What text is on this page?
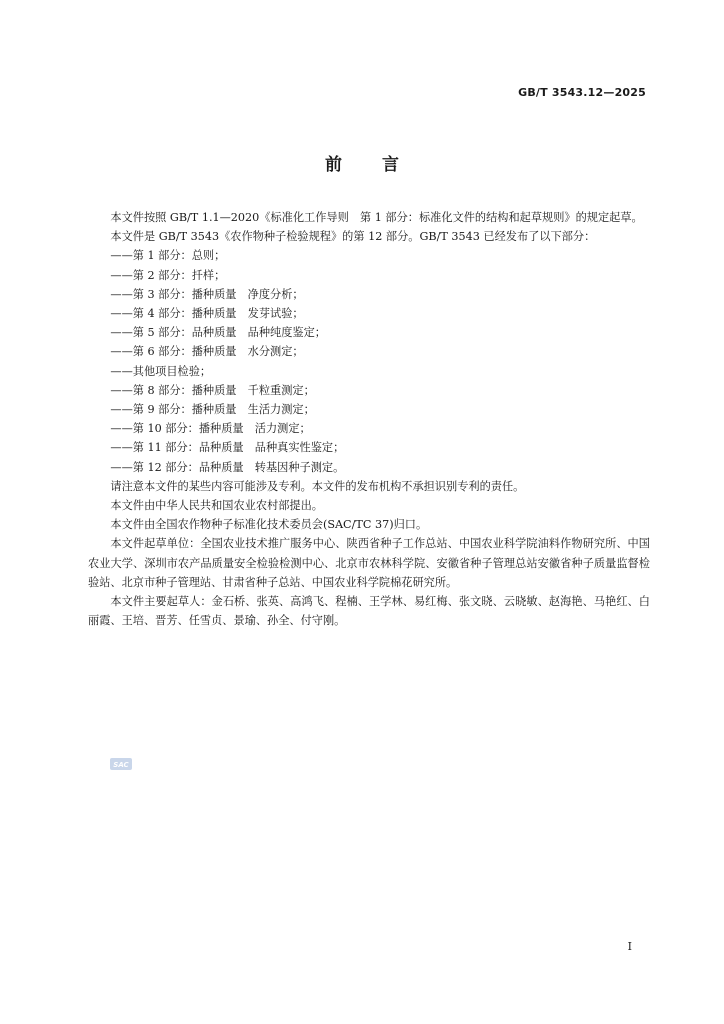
GB/T 3543.12—2025
前言

本文件按照 GB/T 1.1—2020《标准化工作导则　第 1 部分：标准化文件的结构和起草规则》的规定起草。

本文件是 GB/T 3543《农作物种子检验规程》的第 12 部分。GB/T 3543 已经发布了以下部分：

——第 1 部分：总则；

——第 2 部分：扦样；

——第 3 部分：播种质量　净度分析；

——第 4 部分：播种质量　发芽试验；

——第 5 部分：品种质量　品种纯度鉴定；

——第 6 部分：播种质量　水分测定；

——其他项目检验；

——第 8 部分：播种质量　千粒重测定；

——第 9 部分：播种质量　生活力测定；

——第 10 部分：播种质量　活力测定；

——第 11 部分：品种质量　品种真实性鉴定；

——第 12 部分：品种质量　转基因种子测定。

请注意本文件的某些内容可能涉及专利。本文件的发布机构不承担识别专利的责任。

本文件由中华人民共和国农业农村部提出。

本文件由全国农作物种子标准化技术委员会(SAC/TC 37)归口。

本文件起草单位：全国农业技术推广服务中心、陕西省种子工作总站、中国农业科学院油料作物研究所、中国农业大学、深圳市农产品质量安全检验检测中心、北京市农林科学院、安徽省种子管理总站安徽省种子质量监督检验站、北京市种子管理站、甘肃省种子总站、中国农业科学院棉花研究所。

本文件主要起草人：金石桥、张英、高鸿飞、程楠、王学林、易红梅、张文晓、云晓敏、赵海艳、马艳红、白丽霞、王培、晋芳、任雪贞、景瑜、孙全、付守刚。

SAC
I
